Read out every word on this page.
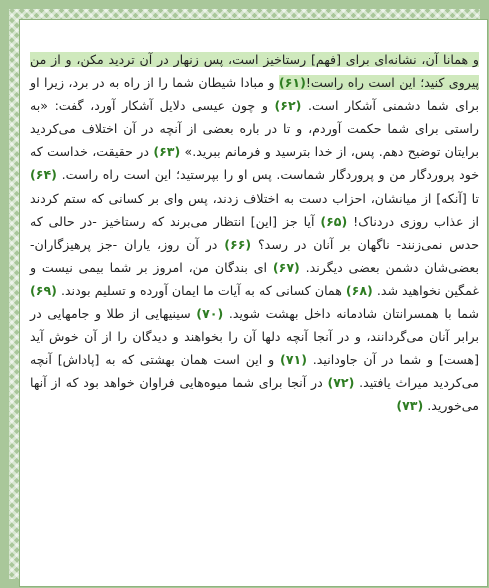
و همانا آن، نشانه‌ای برای [فهم] رستاخیز است، پس زنهار در آن تردید مکن، و از من پیروی کنید؛ این است راه راست!(۶۱) و مبادا شیطان شما را از راه به در برد، زیرا او برای شما دشمنی آشکار است. (۶۲) و چون عیسی دلایل آشکار آورد، گفت: «به راستی برای شما حکمت آوردم، و تا در باره بعضی از آنچه در آن اختلاف می‌کردید برایتان توضیح دهم. پس، از خدا بترسید و فرمانم ببرید.» (۶۳) در حقیقت، خداست که خود پروردگار من و پروردگار شماست. پس او را بپرستید؛ این است راه راست. (۶۴) تا [آنکه] از میانشان، احزاب دست به اختلاف زدند، پس وای بر کسانی که ستم کردند از عذاب روزی دردناک! (۶۵) آیا جز [این] انتظار می‌برند که رستاخیز -در حالی که حدس نمی‌زنند- ناگهان بر آنان در رسد؟ (۶۶) در آن روز، یاران -جز پرهیزگاران- بعضی‌شان دشمن بعضی دیگرند. (۶۷) ای بندگان من، امروز بر شما بیمی نیست و غمگین نخواهید شد. (۶۸) همان کسانی که به آیات ما ایمان آورده و تسلیم بودند. (۶۹) شما با همسرانتان شادمانه داخل بهشت شوید. (۷۰) سینیهایی از طلا و جامهایی در برابر آنان می‌گردانند، و در آنجا آنچه دلها آن را بخواهند و دیدگان را از آن خوش آید [هست] و شما در آن جاودانید. (۷۱) و این است همان بهشتی که به [پاداش] آنچه می‌کردید میراث یافتید. (۷۲) در آنجا برای شما میوه‌هایی فراوان خواهد بود که از آنها می‌خورید. (۷۳)
